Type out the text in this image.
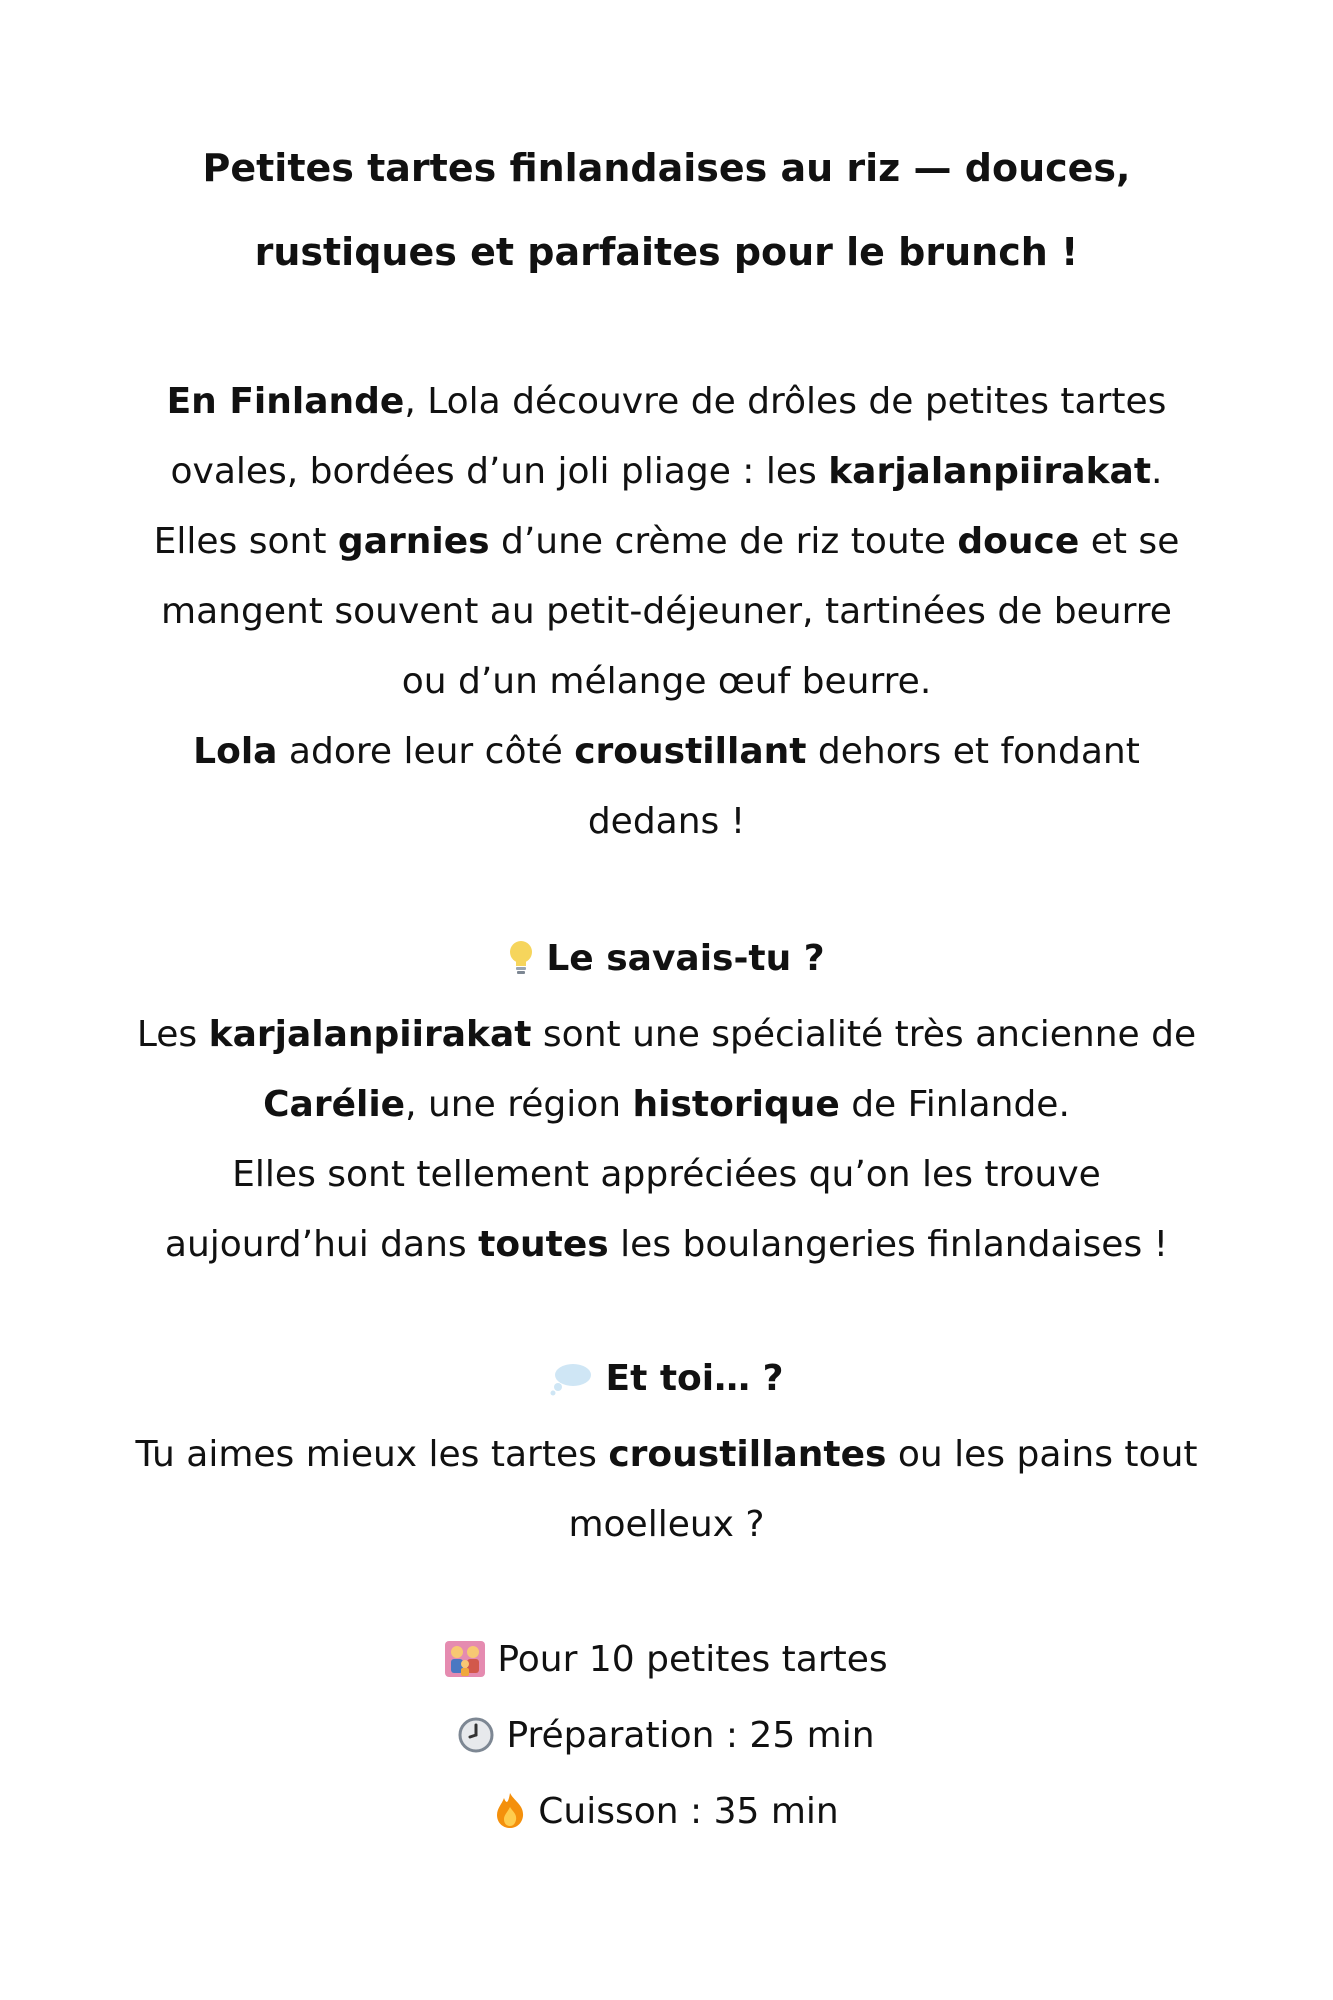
Petites tartes finlandaises au riz — douces,
rustiques et parfaites pour le brunch !

En Finlande, Lola découvre de drôles de petites tartes

ovales, bordées d’un joli pliage : les karjalanpiirakat.

Elles sont garnies d’une crème de riz toute douce et se

mangent souvent au petit-déjeuner, tartinées de beurre

ou d’un mélange œuf beurre.

Lola adore leur côté croustillant dehors et fondant

dedans !

Le savais-tu ?

Les karjalanpiirakat sont une spécialité très ancienne de

Carélie, une région historique de Finlande.

Elles sont tellement appréciées qu’on les trouve

aujourd’hui dans toutes les boulangeries finlandaises !

Et toi… ?

Tu aimes mieux les tartes croustillantes ou les pains tout

moelleux ?

Pour 10 petites tartes

Préparation : 25 min

Cuisson : 35 min
